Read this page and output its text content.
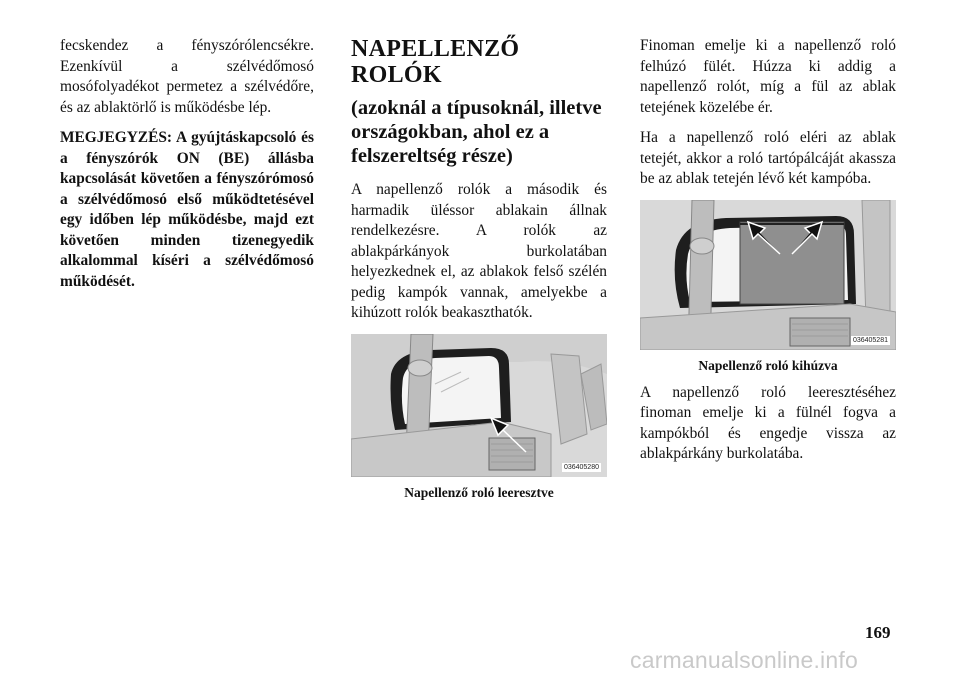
fecskendez a fényszórólencsékre. Ezenkívül a szélvédőmosó mosófolyadékot permetez a szélvédőre, és az ablaktörlő is működésbe lép.

MEGJEGYZÉS: A gyújtáskapcsoló és a fényszórók ON (BE) állásba kapcsolását követően a fényszórómosó a szélvédőmosó első működtetésével egy időben lép működésbe, majd ezt követően minden tizenegyedik alkalommal kíséri a szélvédőmosó működését.

NAPELLENZŐ ROLÓK
(azoknál a típusoknál, illetve országokban, ahol ez a felszereltség része)

A napellenző rolók a második és harmadik üléssor ablakain állnak rendelkezésre. A rolók az ablakpárkányok burkolatában helyezkednek el, az ablakok felső szélén pedig kampók vannak, amelyekbe a kihúzott rolók beakaszthatók.

036405280
Napellenző roló leeresztve

Finoman emelje ki a napellenző roló felhúzó fülét. Húzza ki addig a napellenző rolót, míg a fül az ablak tetejének közelébe ér.

Ha a napellenző roló eléri az ablak tetejét, akkor a roló tartópálcáját akassza be az ablak tetején lévő két kampóba.

036405281
Napellenző roló kihúzva

A napellenző roló leeresztéséhez finoman emelje ki a fülnél fogva a kampókból és engedje vissza az ablakpárkány burkolatába.

169
carmanualsonline.info
